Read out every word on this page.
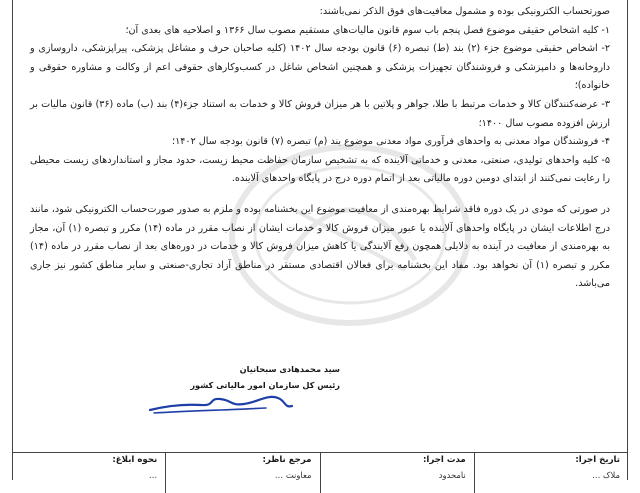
صورتحساب الکترونیکی بوده و مشمول معافیت‌های فوق الذکر نمی‌باشند:

۱- کلیه اشخاص حقیقی موضوع فصل پنجم باب سوم قانون مالیات‌های مستقیم مصوب سال ۱۳۶۶ و اصلاحیه های بعدی آن؛

۲- اشخاص حقیقی موضوع جزء (۲) بند (ط) تبصره (۶) قانون بودجه سال ۱۴۰۲ (کلیه صاحبان حرف و مشاغل پزشکی، پیراپزشکی، داروسازی و داروخانه‌ها و دامپزشکی و فروشندگان تجهیزات پزشکی و همچنین اشخاص شاغل در کسب‌وکارهای حقوقی اعم از وکالت و مشاوره حقوقی و خانواده)؛

۳- عرضه‌کنندگان کالا و خدمات مرتبط با طلا، جواهر و پلاتین با هر میزان فروش کالا و خدمات به استناد جزء(۴) بند (ب) ماده (۳۶) قانون مالیات بر ارزش افزوده مصوب سال ۱۴۰۰؛

۴- فروشندگان مواد معدنی به واحدهای فرآوری مواد معدنی موضوع بند (م) تبصره (۷) قانون بودجه سال ۱۴۰۲؛

۵- کلیه واحدهای تولیدی، صنعتی، معدنی و خدماتی آلاینده که به تشخیص سازمان حفاظت محیط زیست، حدود مجاز و استانداردهای زیست محیطی را رعایت نمی‌کنند از ابتدای دومین دوره مالیاتی بعد از اتمام دوره درج در پایگاه واحدهای آلاینده.

در صورتی که مودی در یک دوره فاقد شرایط بهره‌مندی از معافیت موضوع این بخشنامه بوده و ملزم به صدور صورت‌حساب الکترونیکی شود، مانند درج اطلاعات ایشان در پایگاه واحدهای آلاینده یا عبور میزان فروش کالا و خدمات ایشان از نصاب مقرر در ماده (۱۴) مکرر و تبصره (۱) آن، مجاز به بهره‌مندی از معافیت در آینده به دلایلی همچون رفع آلایندگی یا کاهش میزان فروش کالا و خدمات در دوره‌های بعد از نصاب مقرر در ماده (۱۴) مکرر و تبصره (۱) آن نخواهد بود. مفاد این بخشنامه برای فعالان اقتصادی مستقر در مناطق آزاد تجاری-صنعتی و سایر مناطق کشور نیز جاری می‌باشد.

سید محمدهادی سبحانیان
رئیس کل سازمان امور مالیاتی کشور
تاریخ اجرا:
ملاک …
مدت اجرا:
نامحدود
مرجع ناظر:
معاونت …
نحوه ابلاغ:
…
